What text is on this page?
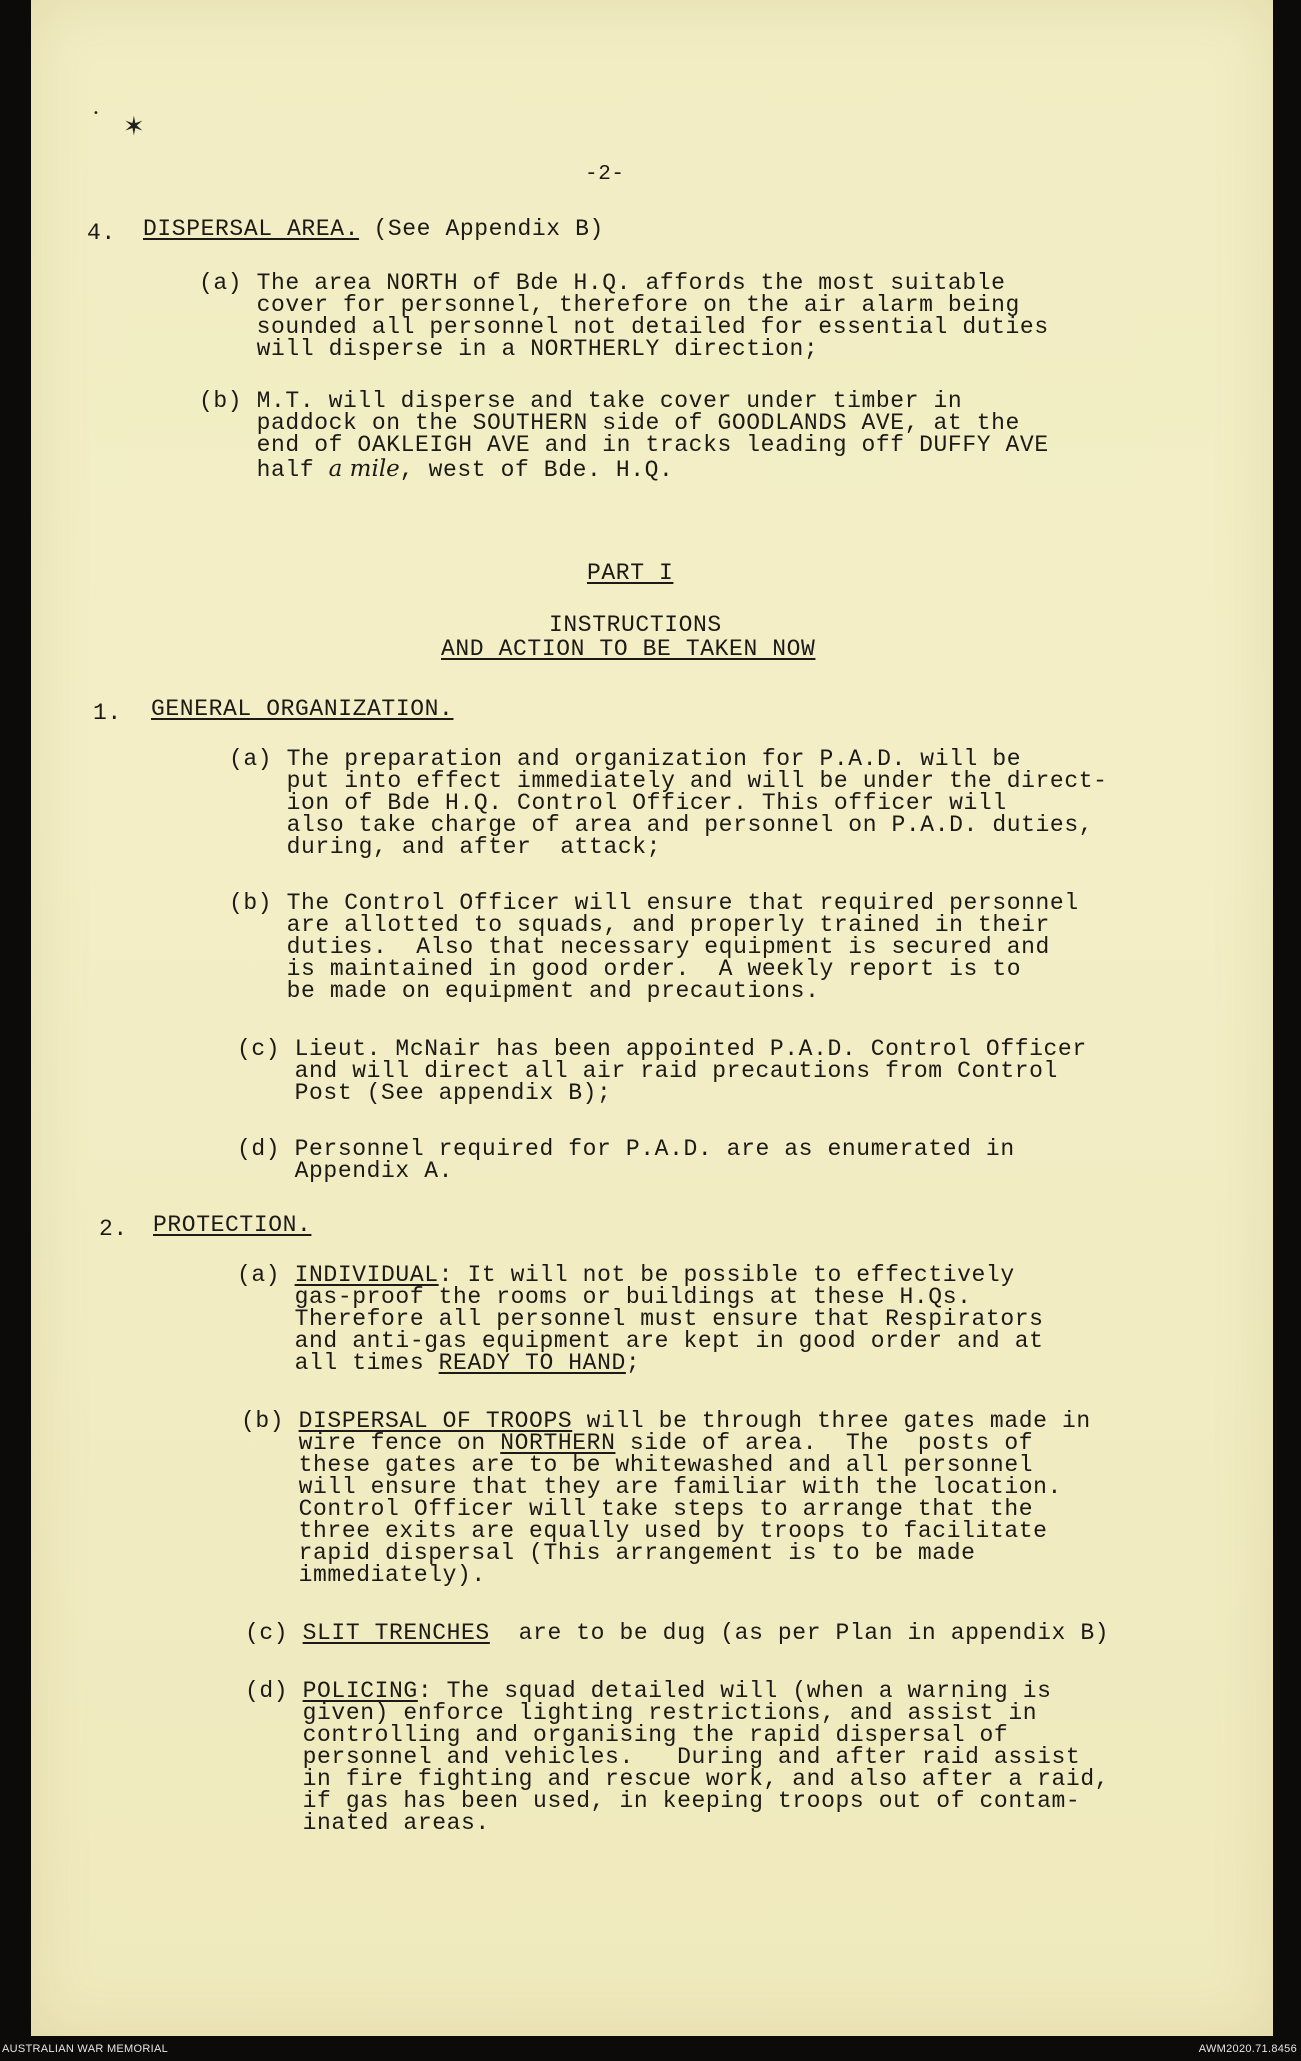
✶
•
-2-
4. DISPERSAL AREA. (See Appendix B)
(a) The area NORTH of Bde H.Q. affords the most suitable
cover for personnel, therefore on the air alarm being
sounded all personnel not detailed for essential duties
will disperse in a NORTHERLY direction;
(b) M.T. will disperse and take cover under timber in
paddock on the SOUTHERN side of GOODLANDS AVE, at the
end of OAKLEIGH AVE and in tracks leading off DUFFY AVE
half a mile, west of Bde. H.Q.
PART I
INSTRUCTIONS
AND ACTION TO BE TAKEN NOW
1. GENERAL ORGANIZATION.
(a) The preparation and organization for P.A.D. will be
put into effect immediately and will be under the direct-
ion of Bde H.Q. Control Officer. This officer will
also take charge of area and personnel on P.A.D. duties,
during, and after  attack;
(b) The Control Officer will ensure that required personnel
are allotted to squads, and properly trained in their
duties.  Also that necessary equipment is secured and
is maintained in good order.  A weekly report is to
be made on equipment and precautions.
(c) Lieut. McNair has been appointed P.A.D. Control Officer
and will direct all air raid precautions from Control
Post (See appendix B);
(d) Personnel required for P.A.D. are as enumerated in
Appendix A.
2. PROTECTION.
(a) INDIVIDUAL: It will not be possible to effectively
gas-proof the rooms or buildings at these H.Qs.
Therefore all personnel must ensure that Respirators
and anti-gas equipment are kept in good order and at
all times READY TO HAND;
(b) DISPERSAL OF TROOPS will be through three gates made in
wire fence on NORTHERN side of area.  The  posts of
these gates are to be whitewashed and all personnel
will ensure that they are familiar with the location.
Control Officer will take steps to arrange that the
three exits are equally used by troops to facilitate
rapid dispersal (This arrangement is to be made
immediately).
(c) SLIT TRENCHES  are to be dug (as per Plan in appendix B)
(d) POLICING: The squad detailed will (when a warning is
given) enforce lighting restrictions, and assist in
controlling and organising the rapid dispersal of
personnel and vehicles.   During and after raid assist
in fire fighting and rescue work, and also after a raid,
if gas has been used, in keeping troops out of contam-
inated areas.
AUSTRALIAN WAR MEMORIAL	AWM2020.71.8456
